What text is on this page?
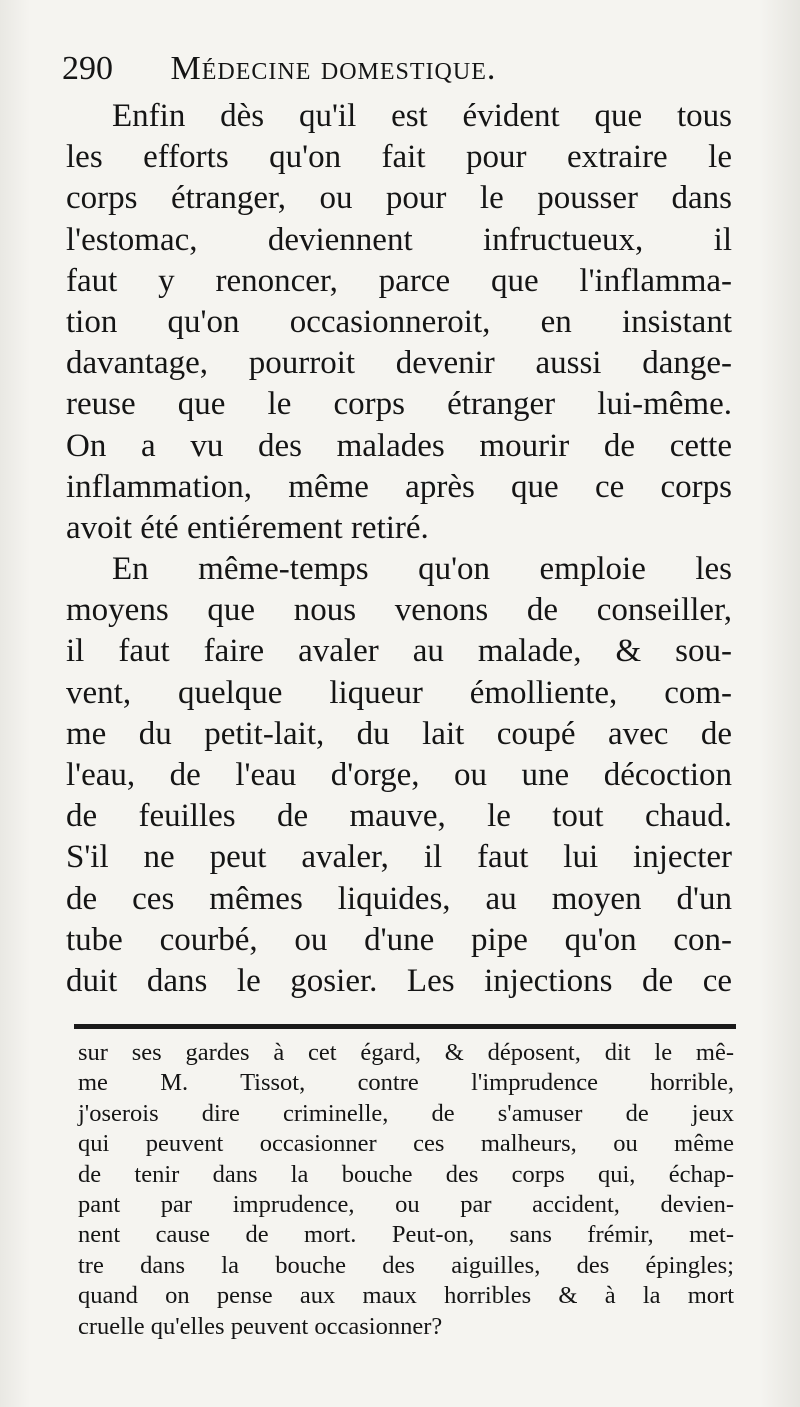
290 Médecine domestique.
Enfin dès qu'il est évident que tous
les efforts qu'on fait pour extraire le
corps étranger, ou pour le pousser dans
l'estomac, deviennent infructueux, il
faut y renoncer, parce que l'inflamma-
tion qu'on occasionneroit, en insistant
davantage, pourroit devenir aussi dange-
reuse que le corps étranger lui-même.
On a vu des malades mourir de cette
inflammation, même après que ce corps
avoit été entiérement retiré.
En même-temps qu'on emploie les
moyens que nous venons de conseiller,
il faut faire avaler au malade, & sou-
vent, quelque liqueur émolliente, com-
me du petit-lait, du lait coupé avec de
l'eau, de l'eau d'orge, ou une décoction
de feuilles de mauve, le tout chaud.
S'il ne peut avaler, il faut lui injecter
de ces mêmes liquides, au moyen d'un
tube courbé, ou d'une pipe qu'on con-
duit dans le gosier. Les injections de ce
sur ses gardes à cet égard, & déposent, dit le mê-
me M. Tissot, contre l'imprudence horrible,
j'oserois dire criminelle, de s'amuser de jeux
qui peuvent occasionner ces malheurs, ou même
de tenir dans la bouche des corps qui, échap-
pant par imprudence, ou par accident, devien-
nent cause de mort. Peut-on, sans frémir, met-
tre dans la bouche des aiguilles, des épingles;
quand on pense aux maux horribles & à la mort
cruelle qu'elles peuvent occasionner?
